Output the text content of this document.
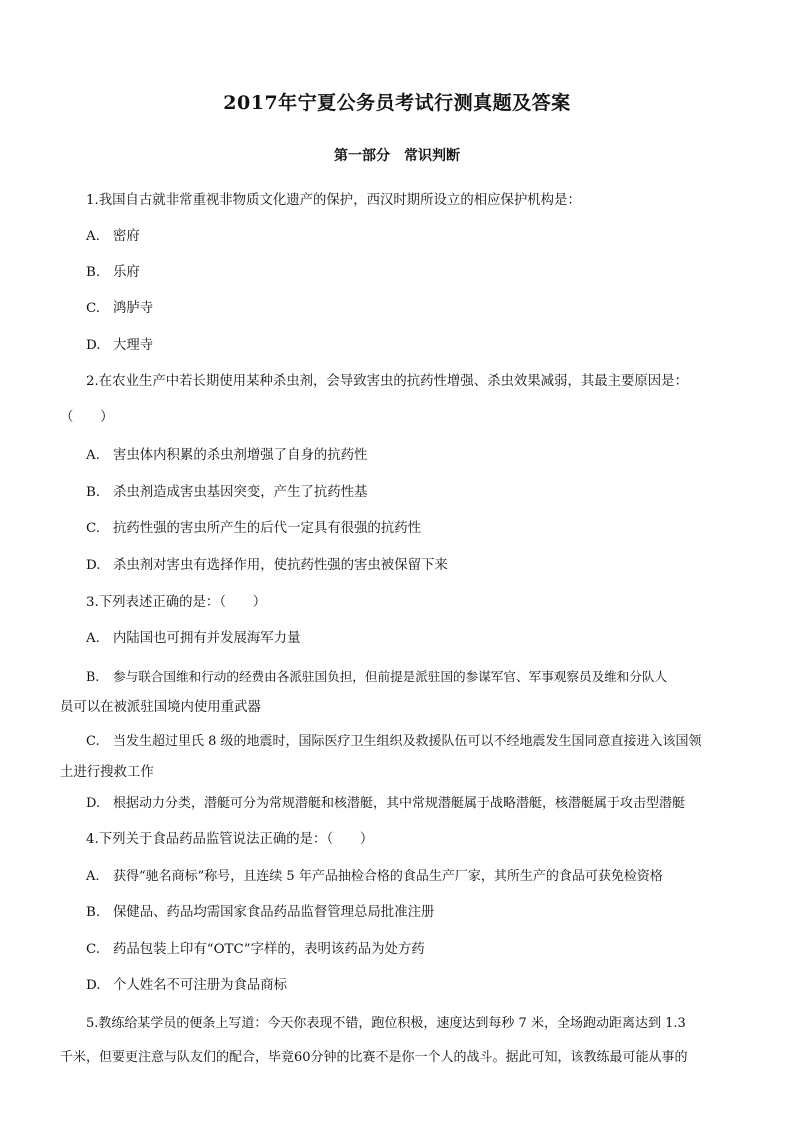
2017年宁夏公务员考试行测真题及答案
第一部分　常识判断
1.我国自古就非常重视非物质文化遗产的保护，西汉时期所设立的相应保护机构是：
A. 密府
B. 乐府
C. 鸿胪寺
D. 大理寺
2.在农业生产中若长期使用某种杀虫剂，会导致害虫的抗药性增强、杀虫效果减弱，其最主要原因是：
（　　）
A. 害虫体内积累的杀虫剂增强了自身的抗药性
B. 杀虫剂造成害虫基因突变，产生了抗药性基
C. 抗药性强的害虫所产生的后代一定具有很强的抗药性
D. 杀虫剂对害虫有选择作用，使抗药性强的害虫被保留下来
3.下列表述正确的是：（　　）
A. 内陆国也可拥有并发展海军力量
B. 参与联合国维和行动的经费由各派驻国负担，但前提是派驻国的参谋军官、军事观察员及维和分队人
员可以在被派驻国境内使用重武器
C. 当发生超过里氏 8 级的地震时，国际医疗卫生组织及救援队伍可以不经地震发生国同意直接进入该国领
土进行搜救工作
D. 根据动力分类，潜艇可分为常规潜艇和核潜艇，其中常规潜艇属于战略潜艇，核潜艇属于攻击型潜艇
4.下列关于食品药品监管说法正确的是：（　　）
A. 获得“驰名商标”称号，且连续 5 年产品抽检合格的食品生产厂家，其所生产的食品可获免检资格
B. 保健品、药品均需国家食品药品监督管理总局批准注册
C. 药品包装上印有“OTC”字样的，表明该药品为处方药
D. 个人姓名不可注册为食品商标
5.教练给某学员的便条上写道：今天你表现不错，跑位积极，速度达到每秒 7 米，全场跑动距离达到 1.3
千米，但要更注意与队友们的配合，毕竟60分钟的比赛不是你一个人的战斗。据此可知，该教练最可能从事的
